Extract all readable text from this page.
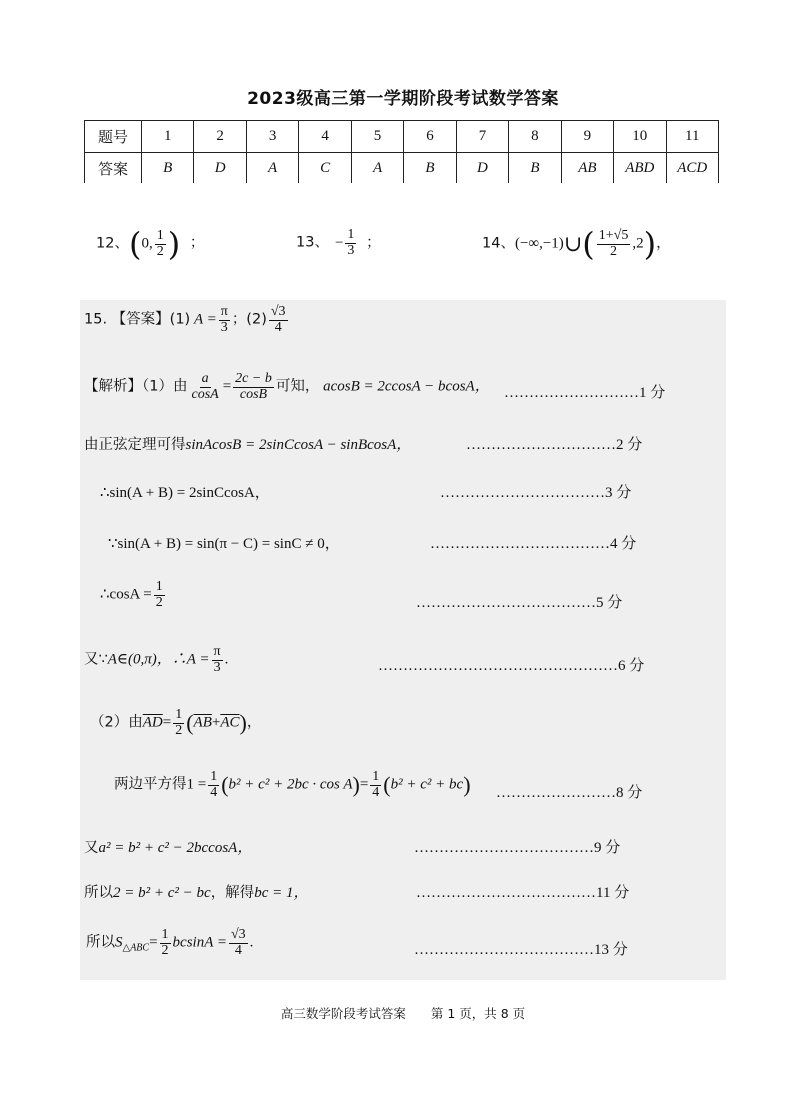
2023级高三第一学期阶段考试数学答案
题号	1	2	3	4	5	6	7	8	9	10	11
答案	B	D	A	C	A	B	D	B	AB	ABD	ACD
12、(0, $\frac{1}{2}$ ) ；	13、 − $\frac{1}{3}$ ；	14、(−∞,−1)∪( $\frac{1+√5}{2} ,2$)，
15. 【答案】(1) $A = \frac{\pi}{3}$ ；$(2) \frac{√3}{4}$
【解析】（1）由 $\frac{a}{\cos A} = \frac{2c - b}{\cos B}$ 可知， acosB = 2ccosA − bcosA， ………………………1 分
由正弦定理可得sinAcosB = 2sinCcosA − sinBcosA，	…………………………2 分
∴sin(A + B) = 2sinCcosA，	……………………………3 分
∵sin(A + B) = sin(π − C) = sinC ≠ 0，	………………………………4 分
∴cosA = $\frac{1}{2}$	………………………………5 分
又∵A∈(0,π)，∴A = $\frac{\pi}{3}$ .	…………………………………………6 分
（2）由$\overline{AD}= \frac{1}{2} (\overline{AB}+\overline{AC})$，
两边平方得$1 = \frac{1}{4} (b^2 + c^2 + 2bc \cdot \cos A)= \frac{1}{4} (b^2 + c^2 + bc)$ ……………………8 分
又a² = b² + c² − 2bccosA，	………………………………9 分
所以2 = b² + c² − bc，解得bc = 1，	………………………………11 分
所以$S_{\triangle ABC}= \frac{1}{2}$ $bcsinA = \frac{√3}{4}$ .	………………………………13 分
高三数学阶段考试答案　　第 1 页，共 8 页
